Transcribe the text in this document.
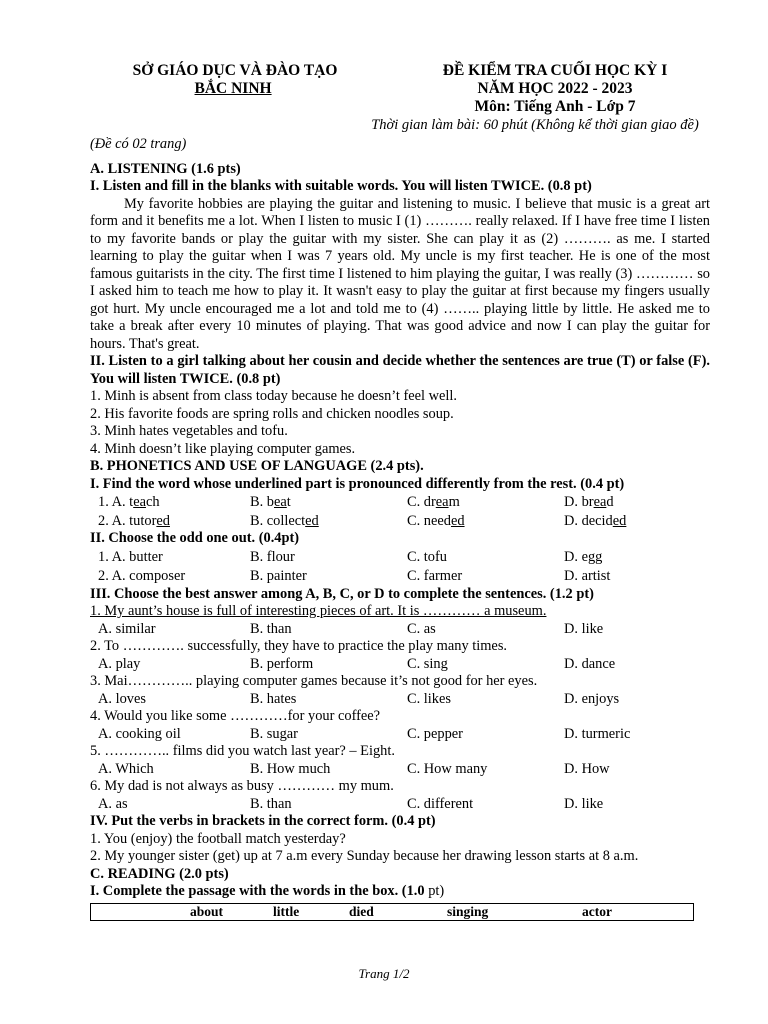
SỞ GIÁO DỤC VÀ ĐÀO TẠO
BẮC NINH
ĐỀ KIỂM TRA CUỐI HỌC KỲ I
NĂM HỌC 2022 - 2023
Môn: Tiếng Anh - Lớp 7
Thời gian làm bài: 60 phút (Không kể thời gian giao đề)
(Đề có 02 trang)
A. LISTENING (1.6 pts)
I. Listen and fill in the blanks with suitable words. You will listen TWICE. (0.8 pt)
My favorite hobbies are playing the guitar and listening to music. I believe that music is a great art form and it benefits me a lot. When I listen to music I (1) ………. really relaxed. If I have free time I listen to my favorite bands or play the guitar with my sister. She can play it as (2) ………. as me. I started learning to play the guitar when I was 7 years old. My uncle is my first teacher. He is one of the most famous guitarists in the city. The first time I listened to him playing the guitar, I was really (3) ………… so I asked him to teach me how to play it. It wasn't easy to play the guitar at first because my fingers usually got hurt. My uncle encouraged me a lot and told me to (4) …….. playing little by little. He asked me to take a break after every 10 minutes of playing. That was good advice and now I can play the guitar for hours. That's great.
II. Listen to a girl talking about her cousin and decide whether the sentences are true (T) or false (F). You will listen TWICE. (0.8 pt)
1. Minh is absent from class today because he doesn’t feel well.
2. His favorite foods are spring rolls and chicken noodles soup.
3. Minh hates vegetables and tofu.
4. Minh doesn’t like playing computer games.
B. PHONETICS AND USE OF LANGUAGE (2.4 pts).
I. Find the word whose underlined part is pronounced differently from the rest. (0.4 pt)
1. A. teach	B. beat	C. dream	D. bread
2. A. tutored	B. collected	C. needed	D. decided
II. Choose the odd one out. (0.4pt)
1. A. butter	B. flour	C. tofu	D. egg
2. A. composer	B. painter	C. farmer	D. artist
III. Choose the best answer among A, B, C, or D to complete the sentences. (1.2 pt)
1. My aunt’s house is full of interesting pieces of art. It is ………… a museum.
A. similar	B. than	C. as	D. like
2. To …………. successfully, they have to practice the play many times.
A. play	B. perform	C. sing	D. dance
3. Mai………….. playing computer games because it’s not good for her eyes.
A. loves	B. hates	C. likes	D. enjoys
4. Would you like some …………for your coffee?
A. cooking oil	B. sugar	C. pepper	D. turmeric
5. ………….. films did you watch last year? – Eight.
A. Which	B. How much	C. How many	D. How
6. My dad is not always as busy ………… my mum.
A. as	B. than	C. different	D. like
IV. Put the verbs in brackets in the correct form. (0.4 pt)
1. You (enjoy) the football match yesterday?
2. My younger sister (get) up at 7 a.m every Sunday because her drawing lesson starts at 8 a.m.
C. READING (2.0 pts)
I. Complete the passage with the words in the box. (1.0 pt)
about	little	died	singing	actor
Trang 1/2
